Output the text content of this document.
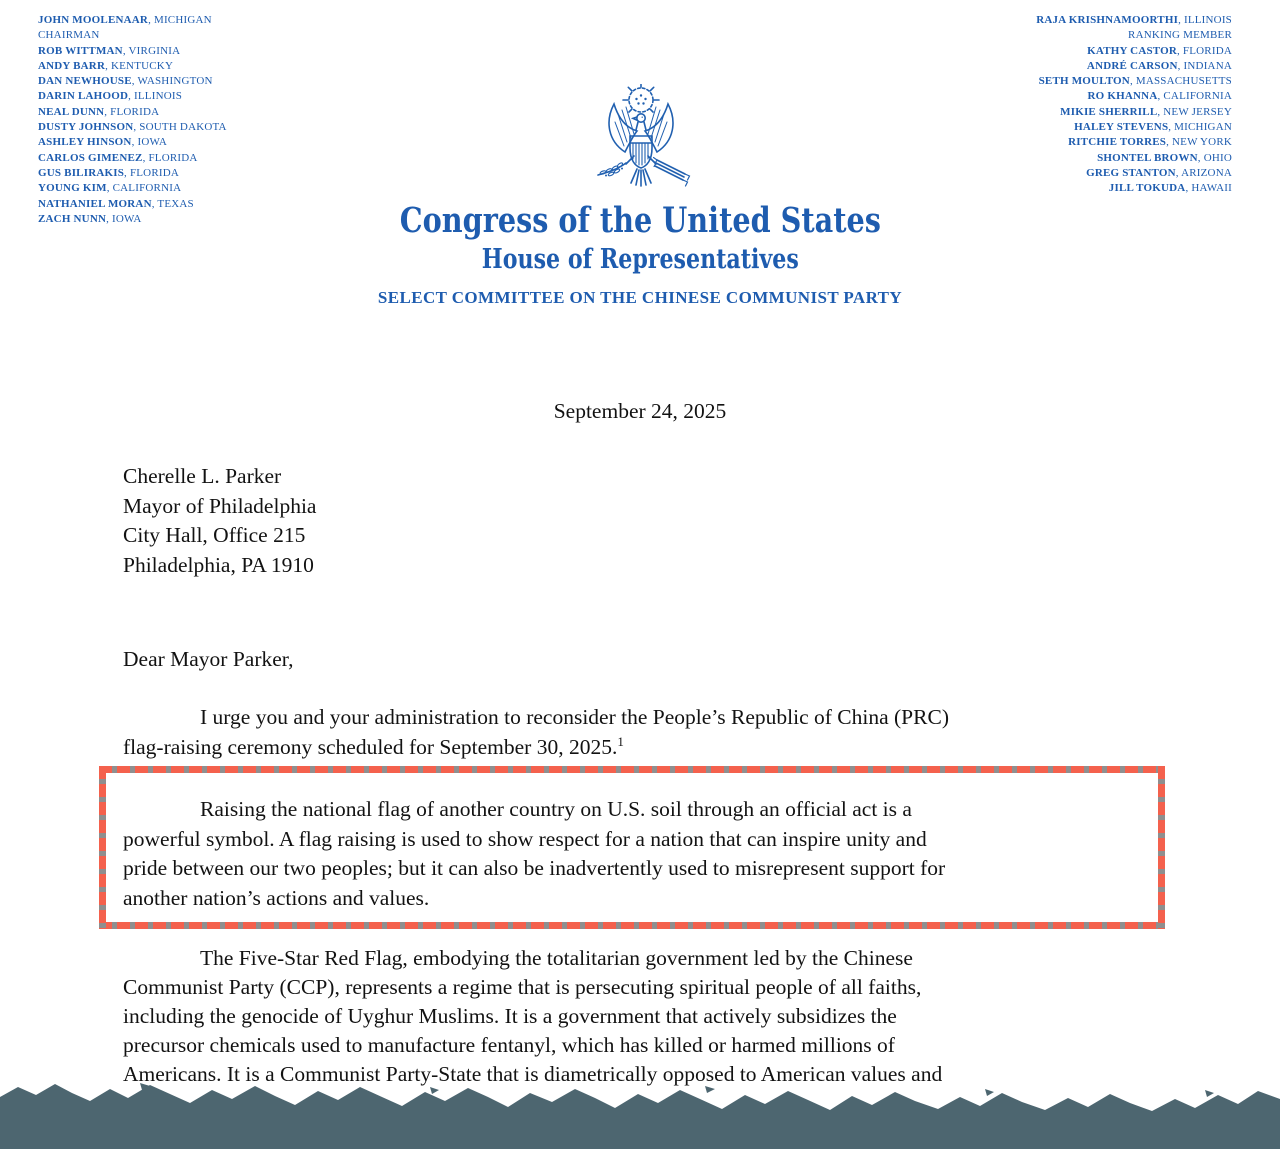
JOHN MOOLENAAR, MICHIGAN
CHAIRMAN
ROB WITTMAN, VIRGINIA
ANDY BARR, KENTUCKY
DAN NEWHOUSE, WASHINGTON
DARIN LAHOOD, ILLINOIS
NEAL DUNN, FLORIDA
DUSTY JOHNSON, SOUTH DAKOTA
ASHLEY HINSON, IOWA
CARLOS GIMENEZ, FLORIDA
GUS BILIRAKIS, FLORIDA
YOUNG KIM, CALIFORNIA
NATHANIEL MORAN, TEXAS
ZACH NUNN, IOWA
RAJA KRISHNAMOORTHI, ILLINOIS
RANKING MEMBER
KATHY CASTOR, FLORIDA
ANDRÉ CARSON, INDIANA
SETH MOULTON, MASSACHUSETTS
RO KHANNA, CALIFORNIA
MIKIE SHERRILL, NEW JERSEY
HALEY STEVENS, MICHIGAN
RITCHIE TORRES, NEW YORK
SHONTEL BROWN, OHIO
GREG STANTON, ARIZONA
JILL TOKUDA, HAWAII
Congress of the United States
House of Representatives
SELECT COMMITTEE ON THE CHINESE COMMUNIST PARTY
September 24, 2025
Cherelle L. Parker
Mayor of Philadelphia
City Hall, Office 215
Philadelphia, PA 1910
Dear Mayor Parker,
I urge you and your administration to reconsider the People’s Republic of China (PRC)
flag-raising ceremony scheduled for September 30, 2025.$^1$
Raising the national flag of another country on U.S. soil through an official act is a
powerful symbol. A flag raising is used to show respect for a nation that can inspire unity and
pride between our two peoples; but it can also be inadvertently used to misrepresent support for
another nation’s actions and values.
The Five-Star Red Flag, embodying the totalitarian government led by the Chinese
Communist Party (CCP), represents a regime that is persecuting spiritual people of all faiths,
including the genocide of Uyghur Muslims. It is a government that actively subsidizes the
precursor chemicals used to manufacture fentanyl, which has killed or harmed millions of
Americans. It is a Communist Party-State that is diametrically opposed to American values and
